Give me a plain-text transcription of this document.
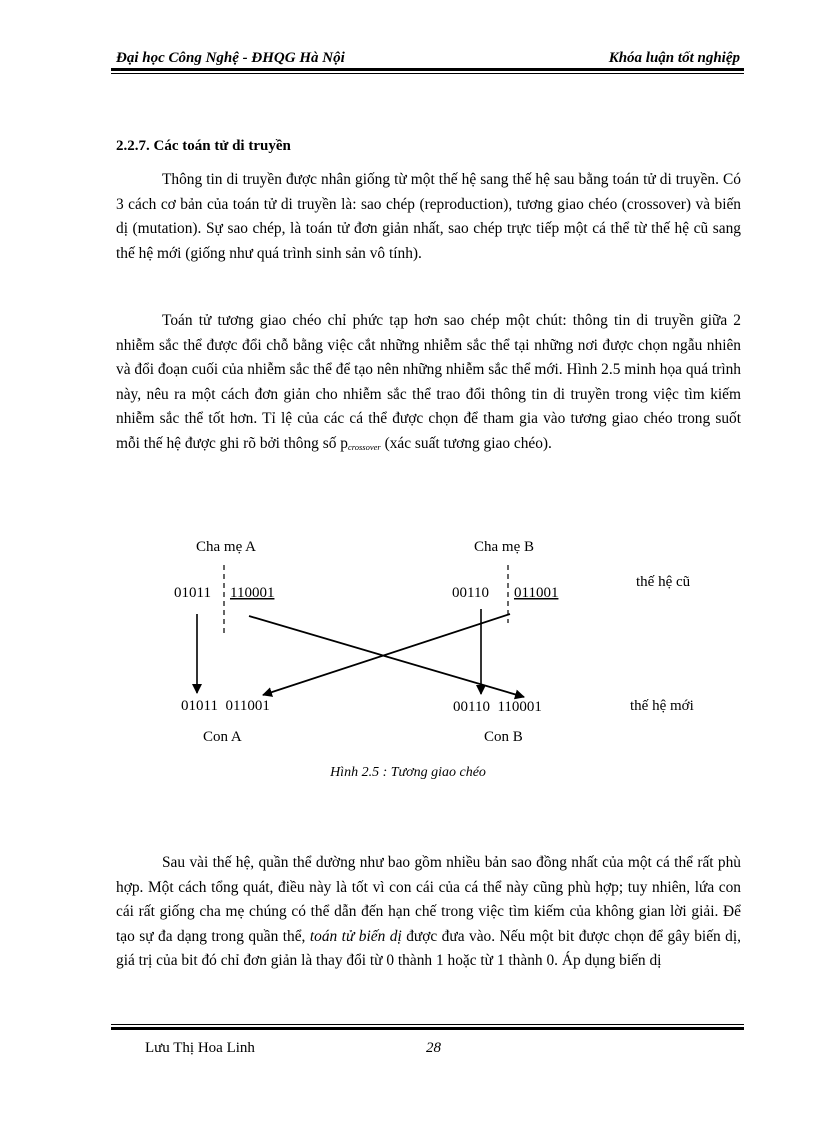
Đại học Công Nghệ - ĐHQG Hà Nội	Khóa luận tốt nghiệp
2.2.7. Các toán tử di truyền

Thông tin di truyền được nhân giống từ một thế hệ sang thế hệ sau bằng toán tử di truyền. Có 3 cách cơ bản của toán tử di truyền là: sao chép (reproduction), tương giao chéo (crossover) và biến dị (mutation). Sự sao chép, là toán tử đơn giản nhất, sao chép trực tiếp một cá thể từ thế hệ cũ sang thế hệ mới (giống như quá trình sinh sản vô tính).

Toán tử tương giao chéo chỉ phức tạp hơn sao chép một chút: thông tin di truyền giữa 2 nhiễm sắc thể được đổi chỗ bằng việc cắt những nhiễm sắc thể tại những nơi được chọn ngẫu nhiên và đổi đoạn cuối của nhiễm sắc thể để tạo nên những nhiễm sắc thể mới. Hình 2.5 minh họa quá trình này, nêu ra một cách đơn giản cho nhiễm sắc thể trao đổi thông tin di truyền trong việc tìm kiếm nhiễm sắc thể tốt hơn. Tỉ lệ của các cá thể được chọn để tham gia vào tương giao chéo trong suốt mỗi thế hệ được ghi rõ bởi thông số $p_{crossover}$ (xác suất tương giao chéo).

Cha mẹ A	Cha mẹ B
01011 110001	00110 011001
thế hệ cũ
01011  011001	00110  110001	thế hệ mới
Con A	Con B
Hình 2.5 : Tương giao chéo

Sau vài thế hệ, quần thể dường như bao gồm nhiều bản sao đồng nhất của một cá thể rất phù hợp. Một cách tổng quát, điều này là tốt vì con cái của cá thể này cũng phù hợp; tuy nhiên, lứa con cái rất giống cha mẹ chúng có thể dẫn đến hạn chế trong việc tìm kiếm của không gian lời giải. Để tạo sự đa dạng trong quần thể, toán tử biến dị được đưa vào. Nếu một bit được chọn để gây biến dị, giá trị của bit đó chỉ đơn giản là thay đổi từ 0 thành 1 hoặc từ 1 thành 0. Áp dụng biến dị

Lưu Thị Hoa Linh	28
